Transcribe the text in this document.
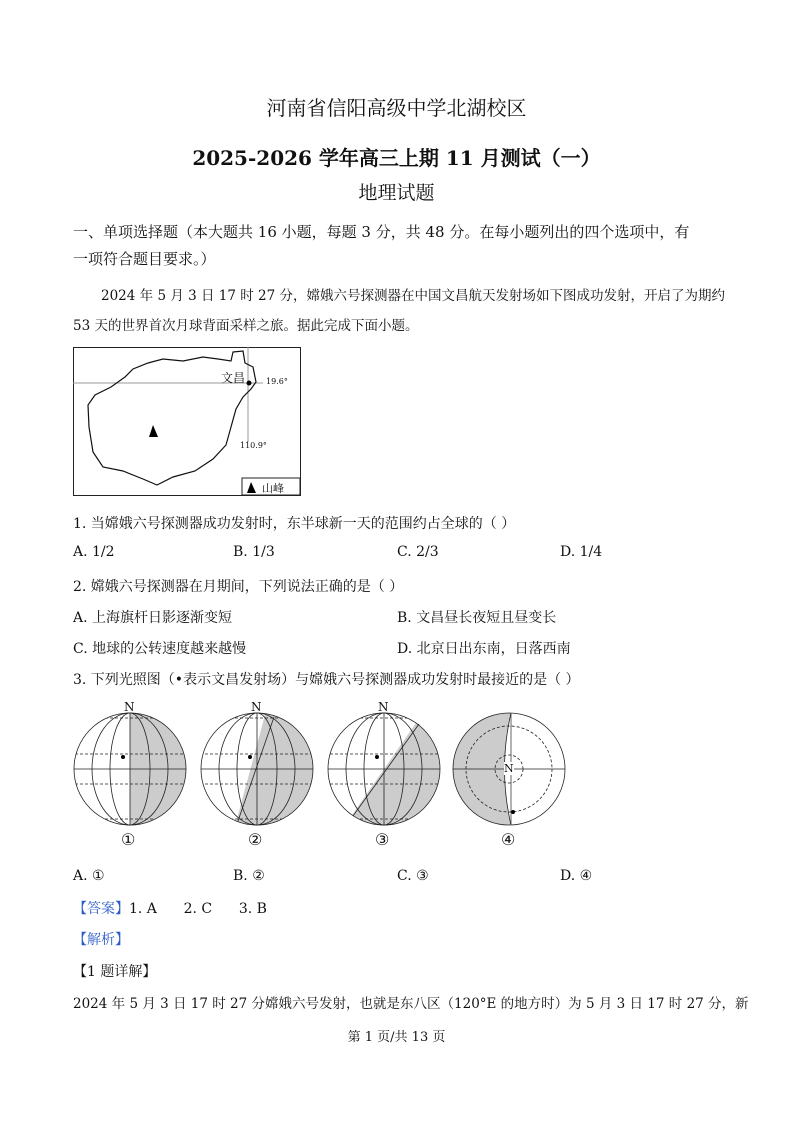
河南省信阳高级中学北湖校区
2025-2026 学年高三上期 11 月测试（一）
地理试题
一、单项选择题（本大题共 16 小题，每题 3 分，共 48 分。在每小题列出的四个选项中，有
一项符合题目要求。）
2024 年 5 月 3 日 17 时 27 分，嫦娥六号探测器在中国文昌航天发射场如下图成功发射，开启了为期约
53 天的世界首次月球背面采样之旅。据此完成下面小题。
文昌	19.6°
110.9°
山峰
1. 当嫦娥六号探测器成功发射时，东半球新一天的范围约占全球的（ ）
A. 1/2	B. 1/3	C. 2/3	D. 1/4
2. 嫦娥六号探测器在月期间，下列说法正确的是（ ）
A. 上海旗杆日影逐渐变短	B. 文昌昼长夜短且昼变长
C. 地球的公转速度越来越慢	D. 北京日出东南，日落西南
3. 下列光照图（•表示文昌发射场）与嫦娥六号探测器成功发射时最接近的是（ ）
N	N	N
N
①	②	③	④
A. ①	B. ②	C. ③	D. ④
【答案】1. A      2. C      3. B
【解析】
【1 题详解】
2024 年 5 月 3 日 17 时 27 分嫦娥六号发射，也就是东八区（120°E 的地方时）为 5 月 3 日 17 时 27 分，新
第 1 页/共 13 页
